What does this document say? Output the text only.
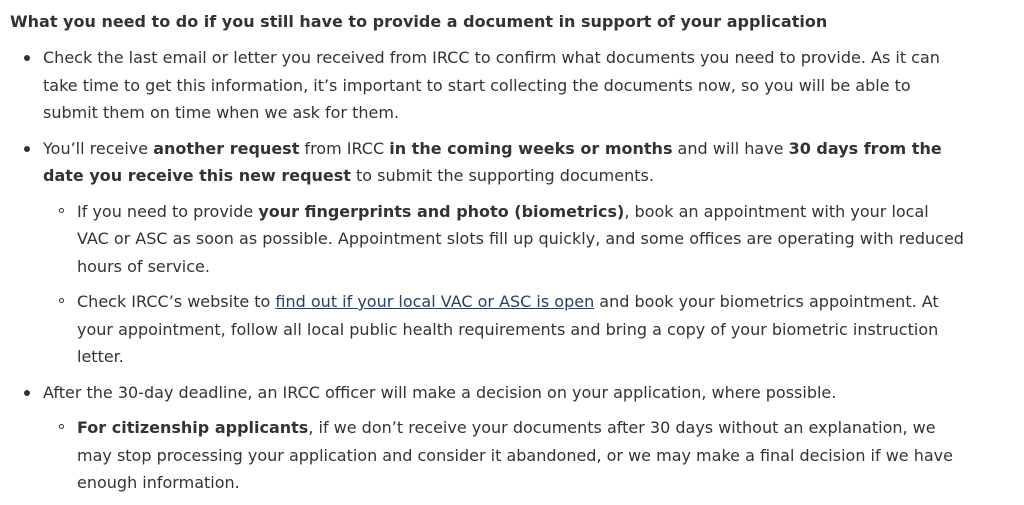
What you need to do if you still have to provide a document in support of your application
Check the last email or letter you received from IRCC to confirm what documents you need to provide. As it can take time to get this information, it’s important to start collecting the documents now, so you will be able to submit them on time when we ask for them.
You’ll receive another request from IRCC in the coming weeks or months and will have 30 days from the date you receive this new request to submit the supporting documents.
If you need to provide your fingerprints and photo (biometrics), book an appointment with your local VAC or ASC as soon as possible. Appointment slots fill up quickly, and some offices are operating with reduced hours of service.
Check IRCC’s website to find out if your local VAC or ASC is open and book your biometrics appointment. At your appointment, follow all local public health requirements and bring a copy of your biometric instruction letter.
After the 30-day deadline, an IRCC officer will make a decision on your application, where possible.
For citizenship applicants, if we don’t receive your documents after 30 days without an explanation, we may stop processing your application and consider it abandoned, or we may make a final decision if we have enough information.
